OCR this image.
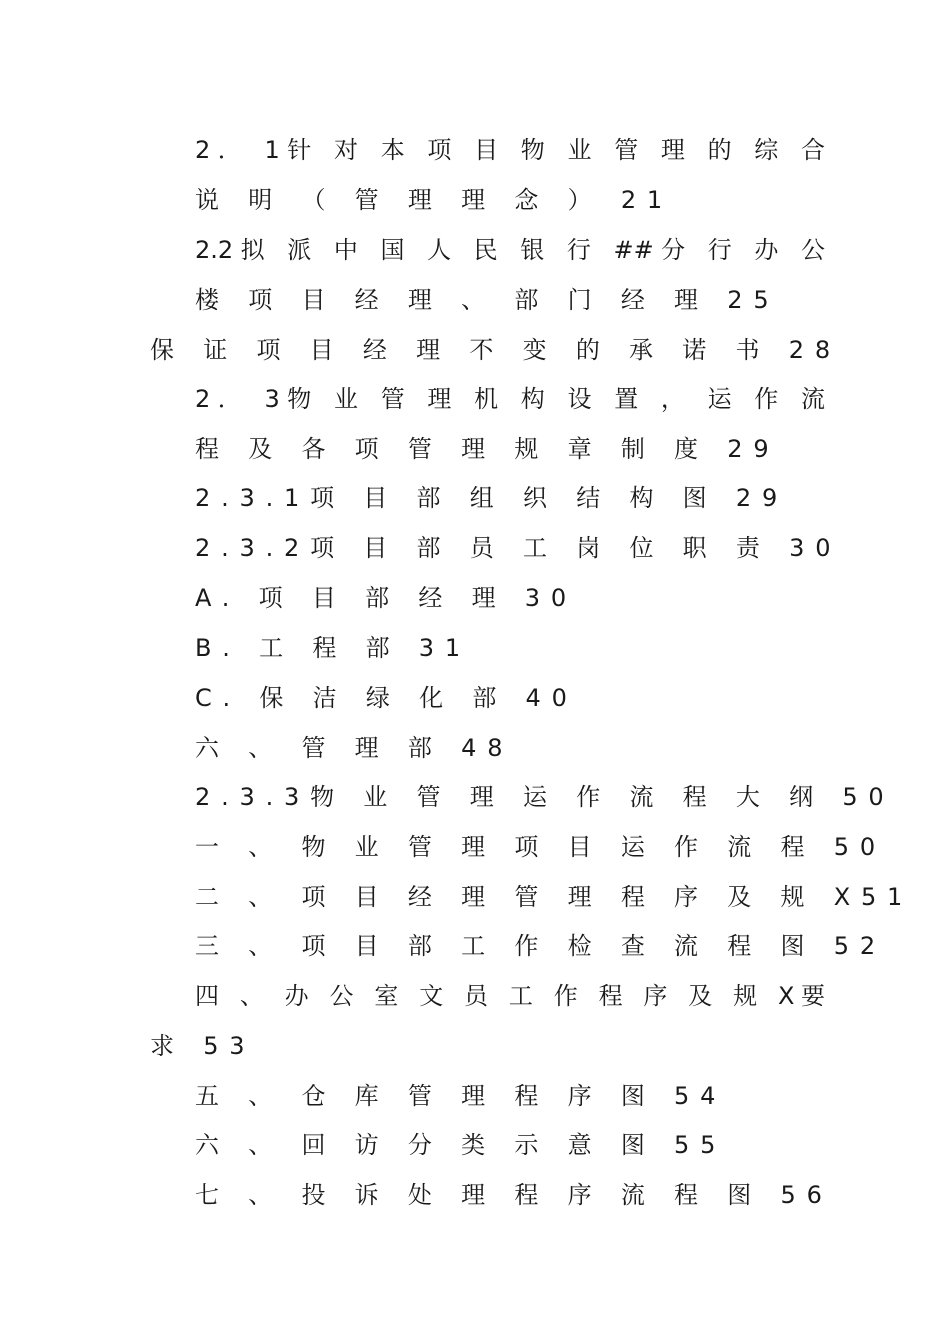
2． 1针 对 本 项 目 物 业 管 理 的 综 合
说 明 （ 管 理 理 念 ） 21
2.2拟 派 中 国 人 民 银 行 ##分 行 办 公
楼 项 目 经 理 、 部 门 经 理 25
保 证 项 目 经 理 不 变 的 承 诺 书 28
2． 3物 业 管 理 机 构 设 置 ， 运 作 流
程 及 各 项 管 理 规 章 制 度 29
2.3.1项 目 部 组 织 结 构 图 29
2.3.2项 目 部 员 工 岗 位 职 责 30
A. 项 目 部 经 理 30
B. 工 程 部 31
C. 保 洁 绿 化 部 40
六 、 管 理 部 48
2.3.3物 业 管 理 运 作 流 程 大 纲 50
一 、 物 业 管 理 项 目 运 作 流 程 50
二 、 项 目 经 理 管 理 程 序 及 规 X51
三 、 项 目 部 工 作 检 查 流 程 图 52
四 、 办 公 室 文 员 工 作 程 序 及 规 X要
求 53
五 、 仓 库 管 理 程 序 图 54
六 、 回 访 分 类 示 意 图 55
七 、 投 诉 处 理 程 序 流 程 图 56
